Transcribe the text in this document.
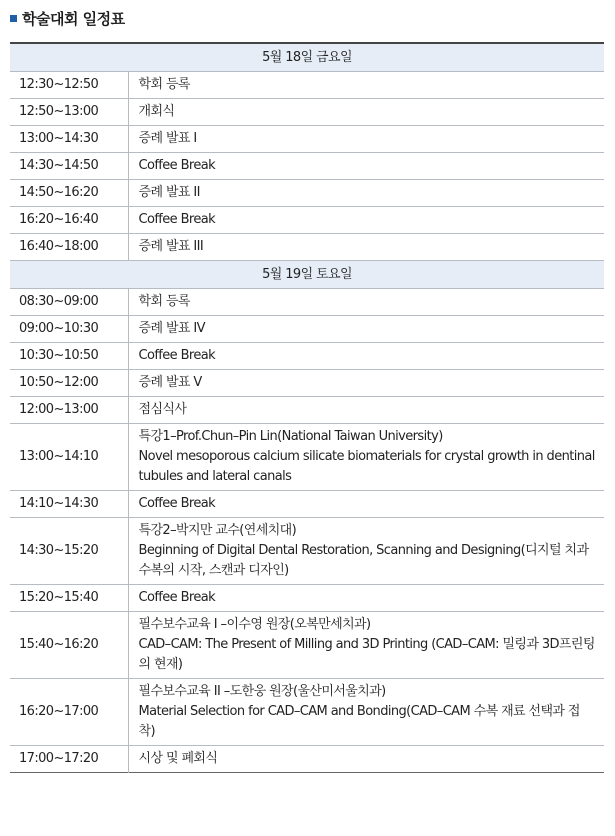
학술대회 일정표
5월 18일 금요일	
12:30~12:50	학회 등록

12:50~13:00	개회식

13:00~14:30	증례 발표 I

14:30~14:50	Coffee Break

14:50~16:20	증례 발표 II

16:20~16:40	Coffee Break

16:40~18:00	증례 발표 III

5월 19일 토요일	
08:30~09:00	학회 등록

09:00~10:30	증례 발표 IV

10:30~10:50	Coffee Break

10:50~12:00	증례 발표 V

12:00~13:00	점심식사

13:00~14:10	특강1–Prof.Chun–Pin Lin(National Taiwan University)
Novel mesoporous calcium silicate biomaterials for crystal growth in dentinal tubules and lateral canals

14:10~14:30	Coffee Break

14:30~15:20	특강2–박지만 교수(연세치대)
Beginning of Digital Dental Restoration, Scanning and Designing(디지털 치과수복의 시작, 스캔과 디자인)

15:20~15:40	Coffee Break

15:40~16:20	필수보수교육 I –이수영 원장(오복만세치과)
CAD–CAM: The Present of Milling and 3D Printing (CAD–CAM: 밀링과 3D프린팅의 현재)

16:20~17:00	필수보수교육 II –도한웅 원장(울산미서울치과)
Material Selection for CAD–CAM and Bonding(CAD–CAM 수복 재료 선택과 접착)

17:00~17:20	시상 및 폐회식
